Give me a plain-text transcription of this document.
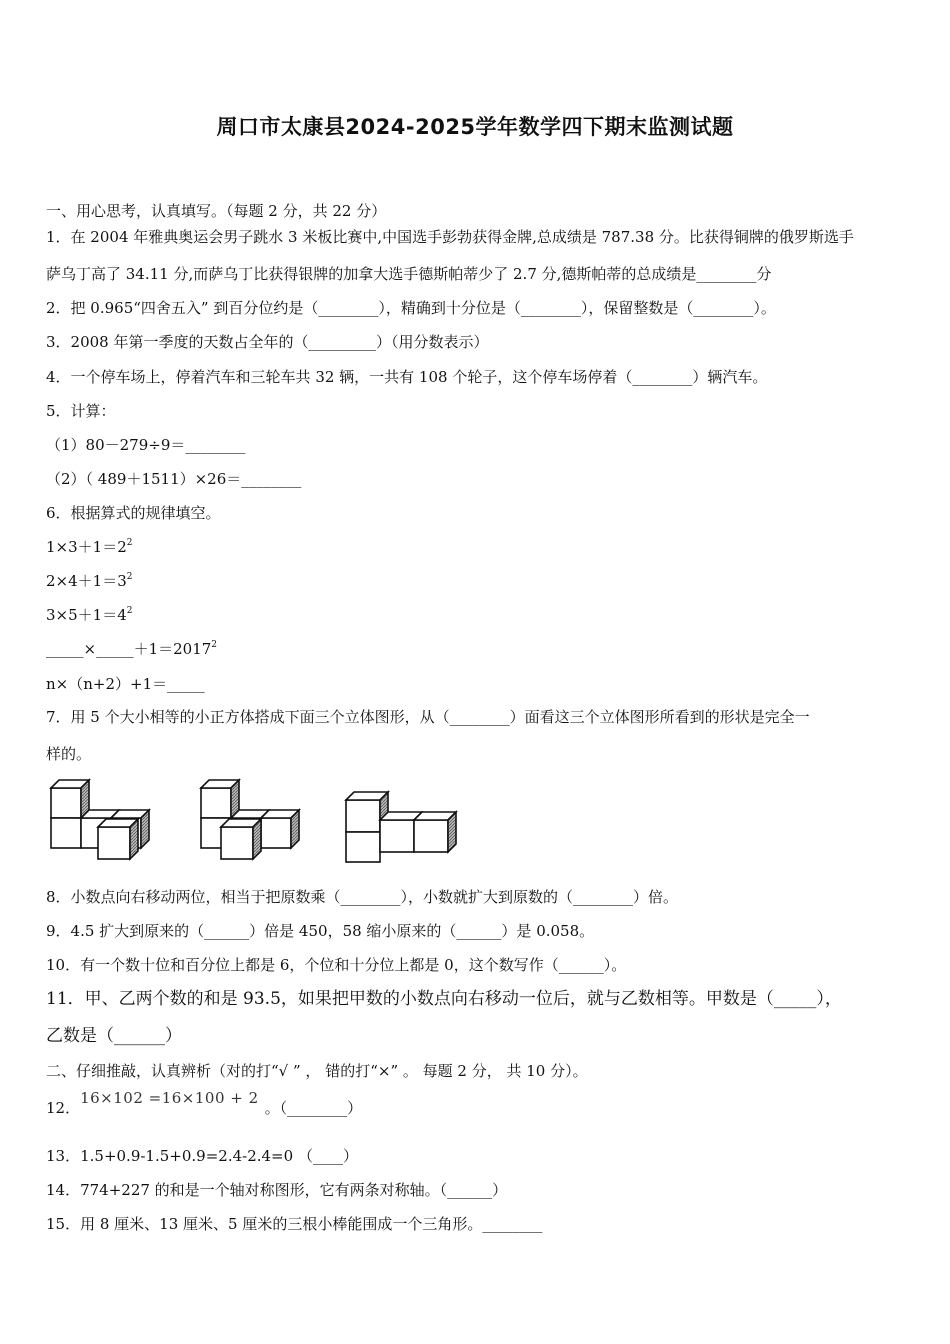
周口市太康县2024-2025学年数学四下期末监测试题
一、用心思考，认真填写。（每题 2 分，共 22 分）
1．在 2004 年雅典奥运会男子跳水 3 米板比赛中,中国选手彭勃获得金牌,总成绩是 787.38 分。比获得铜牌的俄罗斯选手
萨乌丁高了 34.11 分,而萨乌丁比获得银牌的加拿大选手德斯帕蒂少了 2.7 分,德斯帕蒂的总成绩是________分
2．把 0.965“四舍五入” 到百分位约是（________），精确到十分位是（________），保留整数是（________）。
3．2008 年第一季度的天数占全年的（_________）（用分数表示）
4．一个停车场上，停着汽车和三轮车共 32 辆，一共有 108 个轮子，这个停车场停着（________）辆汽车。
5．计算：
（1）80－279÷9＝________
（2）（ 489＋1511）×26＝________
6．根据算式的规律填空。
$1\times 3+1=2^2$
$2\times 4+1=3^2$
$3\times 5+1=4^2$
$\_\_\_\_\_\times\_\_\_\_\_+1=2017^2$
n×（n+2）+1＝_____
7．用 5 个大小相等的小正方体搭成下面三个立体图形，从（________）面看这三个立体图形所看到的形状是完全一
样的。
8．小数点向右移动两位，相当于把原数乘（________），小数就扩大到原数的（________）倍。
9．4.5 扩大到原来的（______）倍是 450，58 缩小原来的（______）是 0.058。
10．有一个数十位和百分位上都是 6，个位和十分位上都是 0，这个数写作（______）。
11．甲、乙两个数的和是 93.5，如果把甲数的小数点向右移动一位后，就与乙数相等。甲数是（_____），
乙数是（______）
二、仔细推敲，认真辨析（对的打“√ ” ， 错的打“×” 。 每题 2 分， 共 10 分）。
12．16×102 =16×100 + 2。（________）
13．1.5+0.9-1.5+0.9=2.4-2.4=0 （____）
14．774+227 的和是一个轴对称图形，它有两条对称轴。（______）
15．用 8 厘米、13 厘米、5 厘米的三根小棒能围成一个三角形。________
